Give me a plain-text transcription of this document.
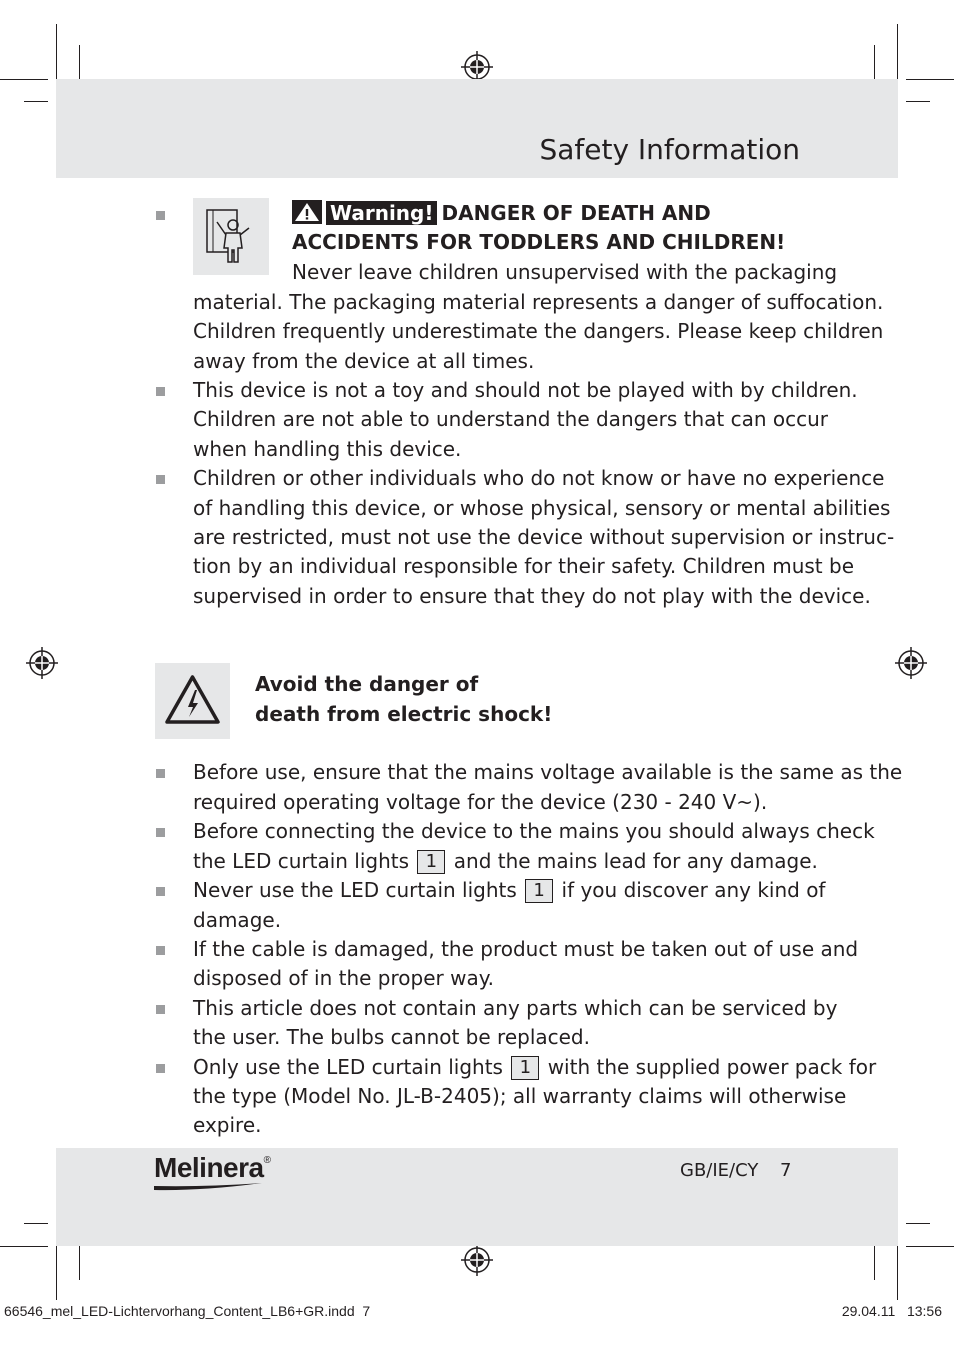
Safety Information
Warning! DANGER OF DEATH AND
ACCIDENTS FOR TODDLERS AND CHILDREN!
Never leave children unsupervised with the packaging
material. The packaging material represents a danger of suffocation.
Children frequently underestimate the dangers. Please keep children
away from the device at all times.
This device is not a toy and should not be played with by children.
Children are not able to understand the dangers that can occur
when handling this device.
Children or other individuals who do not know or have no experience
of handling this device, or whose physical, sensory or mental abilities
are restricted, must not use the device without supervision or instruc-
tion by an individual responsible for their safety. Children must be
supervised in order to ensure that they do not play with the device.
Avoid the danger of
death from electric shock!
Before use, ensure that the mains voltage available is the same as the
required operating voltage for the device (230 - 240 V~).
Before connecting the device to the mains you should always check
the LED curtain lights 1 and the mains lead for any damage.
Never use the LED curtain lights 1 if you discover any kind of
damage.
If the cable is damaged, the product must be taken out of use and
disposed of in the proper way.
This article does not contain any parts which can be serviced by
the user. The bulbs cannot be replaced.
Only use the LED curtain lights 1 with the supplied power pack for
the type (Model No. JL-B-2405); all warranty claims will otherwise
expire.
Melinera®	GB/IE/CY 7
66546_mel_LED-Lichtervorhang_Content_LB6+GR.indd 7	29.04.11 13:56
